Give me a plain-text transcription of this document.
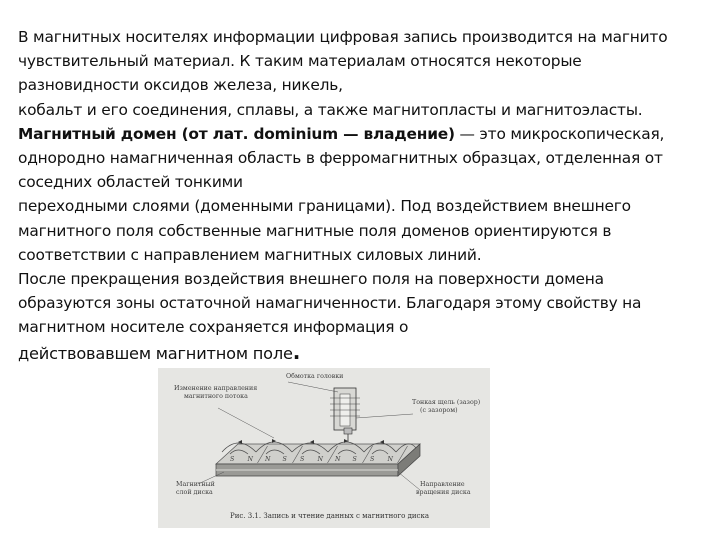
В магнитных носителях информации цифровая запись производится на магнито
чувствительный материал. К таким материалам относятся некоторые
разновидности оксидов железа, никель,
кобальт и его соединения, сплавы, а также магнитопласты и магнитоэласты.
Магнитный домен (от лат. dominium — владение) — это микроскопическая,
однородно намагниченная область в ферромагнитных образцах, отделенная от
соседних областей тонкими
переходными слоями (доменными границами). Под воздействием внешнего
магнитного поля собственные магнитные поля доменов ориентируются в
соответствии с направлением магнитных силовых линий.
После прекращения воздействия внешнего поля на поверхности домена
образуются зоны остаточной намагниченности. Благодаря этому свойству на
магнитном носителе сохраняется информация о
действовавшем магнитном поле.
S N N S S N N S S N
Обмотка головки
Изменение направления
магнитного потока
Тонкая щель (зазор)
(с зазором)
Магнитный
слой диска
Направление
вращения диска
Рис. 3.1. Запись и чтение данных с магнитного диска
